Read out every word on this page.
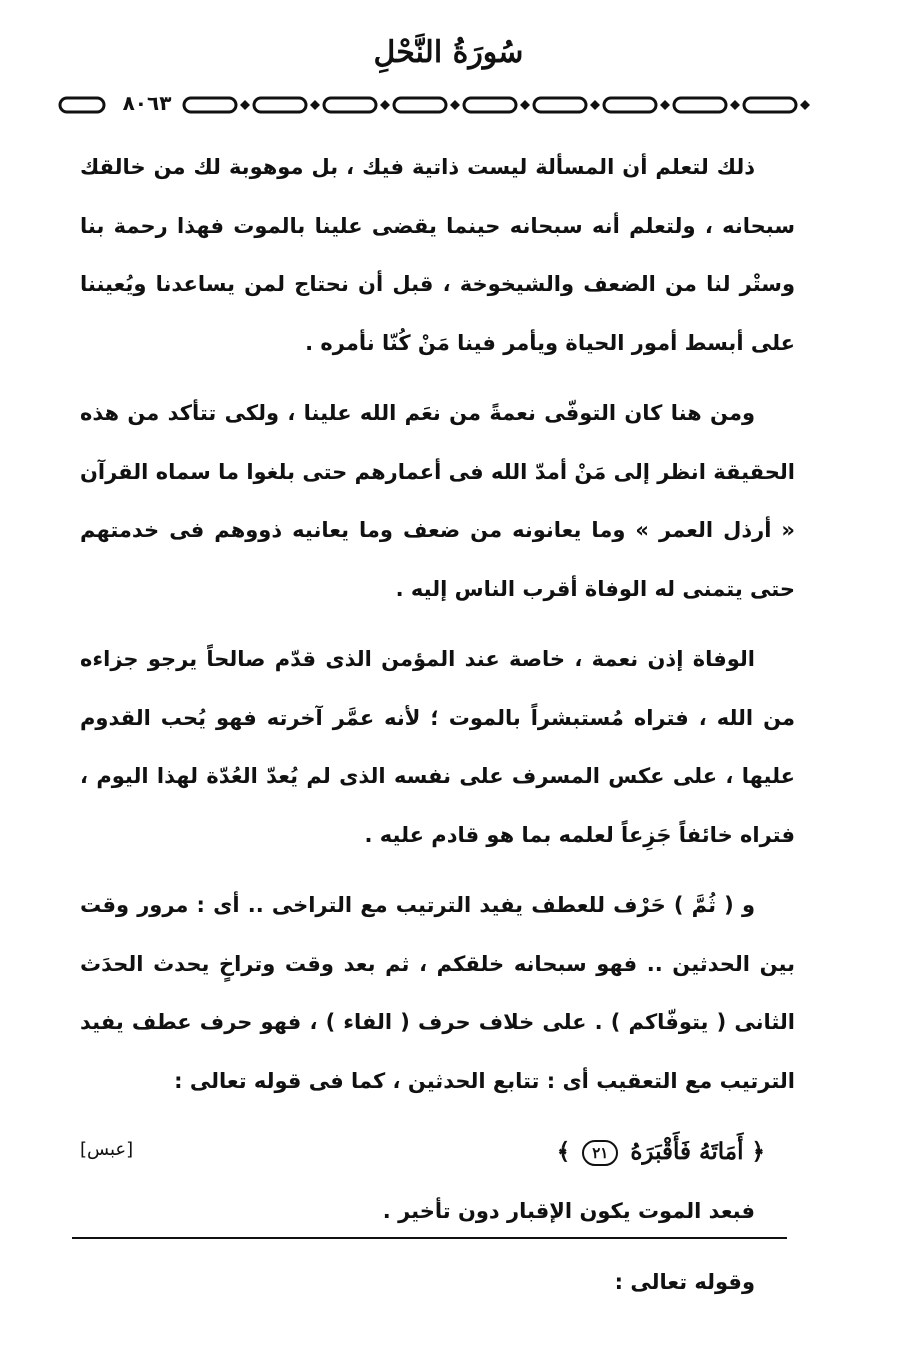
سُورَةُ النَّحْلِ
٨٠٦٣

ذلك لتعلم أن المسألة ليست ذاتية فيك ، بل موهوبة لك من خالقك سبحانه ، ولتعلم أنه سبحانه حينما يقضى علينا بالموت فهذا رحمة بنا وستْر لنا من الضعف والشيخوخة ، قبل أن نحتاج لمن يساعدنا ويُعيننا على أبسط أمور الحياة ويأمر فينا مَنْ كُنّا نأمره .

ومن هنا كان التوفّى نعمةً من نعَم الله علينا ، ولكى تتأكد من هذه الحقيقة انظر إلى مَنْ أمدّ الله فى أعمارهم حتى بلغوا ما سماه القرآن « أرذل العمر » وما يعانونه من ضعف وما يعانيه ذووهم فى خدمتهم حتى يتمنى له الوفاة أقرب الناس إليه .

الوفاة إذن نعمة ، خاصة عند المؤمن الذى قدّم صالحاً يرجو جزاءه من الله ، فتراه مُستبشراً بالموت ؛ لأنه عمَّر آخرته فهو يُحب القدوم عليها ، على عكس المسرف على نفسه الذى لم يُعدّ العُدّة لهذا اليوم ، فتراه خائفاً جَزِعاً لعلمه بما هو قادم عليه .

و ( ثُمَّ ) حَرْف للعطف يفيد الترتيب مع التراخى .. أى : مرور وقت بين الحدثين .. فهو سبحانه خلقكم ، ثم بعد وقت وتراخٍ يحدث الحدَث الثانى ( يتوفّاكم ) . على خلاف حرف ( الفاء ) ، فهو حرف عطف يفيد الترتيب مع التعقيب أى : تتابع الحدثين ، كما فى قوله تعالى :

﴿ أَمَاتَهُ فَأَقْبَرَهُ ٢١ ﴾
[عبس]
فبعد الموت يكون الإقبار دون تأخير .
وقوله تعالى :
